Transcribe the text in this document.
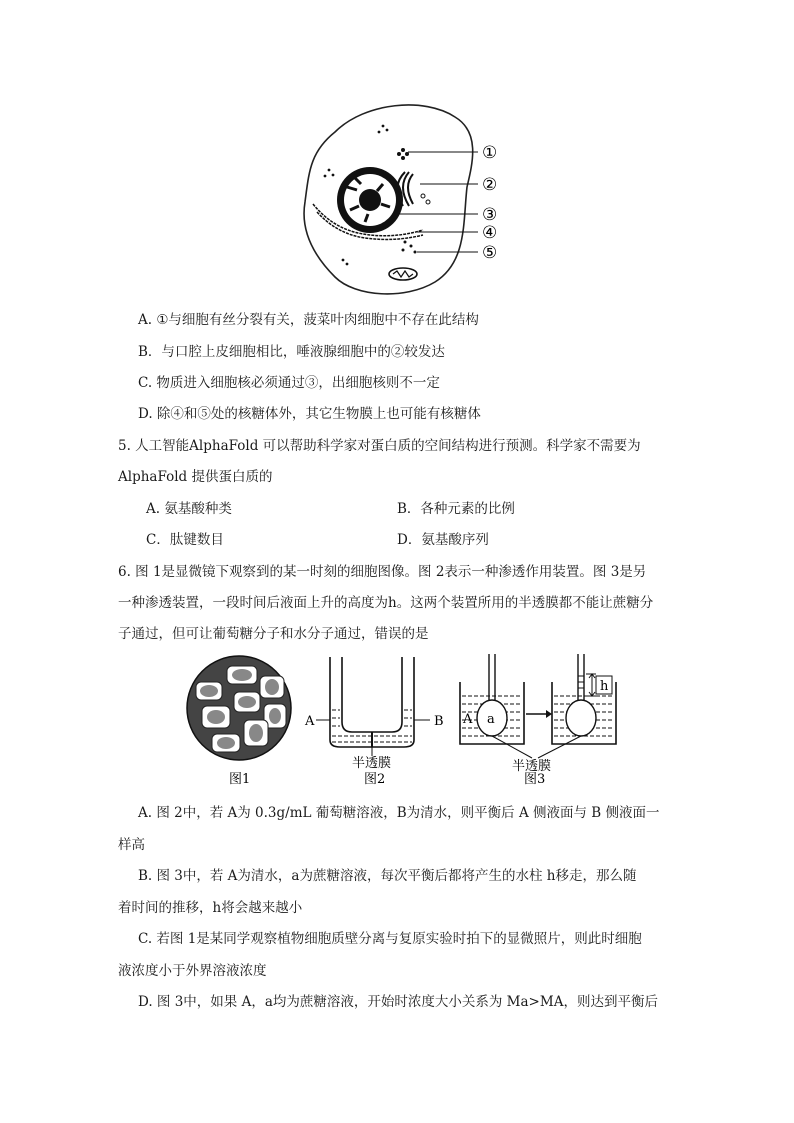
①
②
③
④
⑤
A. ①与细胞有丝分裂有关，菠菜叶肉细胞中不存在此结构
B．与口腔上皮细胞相比，唾液腺细胞中的②较发达
C. 物质进入细胞核必须通过③，出细胞核则不一定
D. 除④和⑤处的核糖体外，其它生物膜上也可能有核糖体
5. 人工智能AlphaFold 可以帮助科学家对蛋白质的空间结构进行预测。科学家不需要为
AlphaFold 提供蛋白质的
A. 氨基酸种类	B．各种元素的比例
C．肽键数目	D．氨基酸序列
6. 图 1是显微镜下观察到的某一时刻的细胞图像。图 2表示一种渗透作用装置。图 3是另
一种渗透装置，一段时间后液面上升的高度为h。这两个装置所用的半透膜都不能让蔗糖分
子通过，但可让葡萄糖分子和水分子通过，错误的是
图1
A	B
半透膜
图2
A a
h
半透膜
图3
A. 图 2中，若 A为 0.3g/mL 葡萄糖溶液，B为清水，则平衡后 A 侧液面与 B 侧液面一
样高
B. 图 3中，若 A为清水，a为蔗糖溶液，每次平衡后都将产生的水柱 h移走，那么随
着时间的推移，h将会越来越小
C. 若图 1是某同学观察植物细胞质壁分离与复原实验时拍下的显微照片，则此时细胞
液浓度小于外界溶液浓度
D. 图 3中，如果 A，a均为蔗糖溶液，开始时浓度大小关系为 Ma>MA，则达到平衡后
